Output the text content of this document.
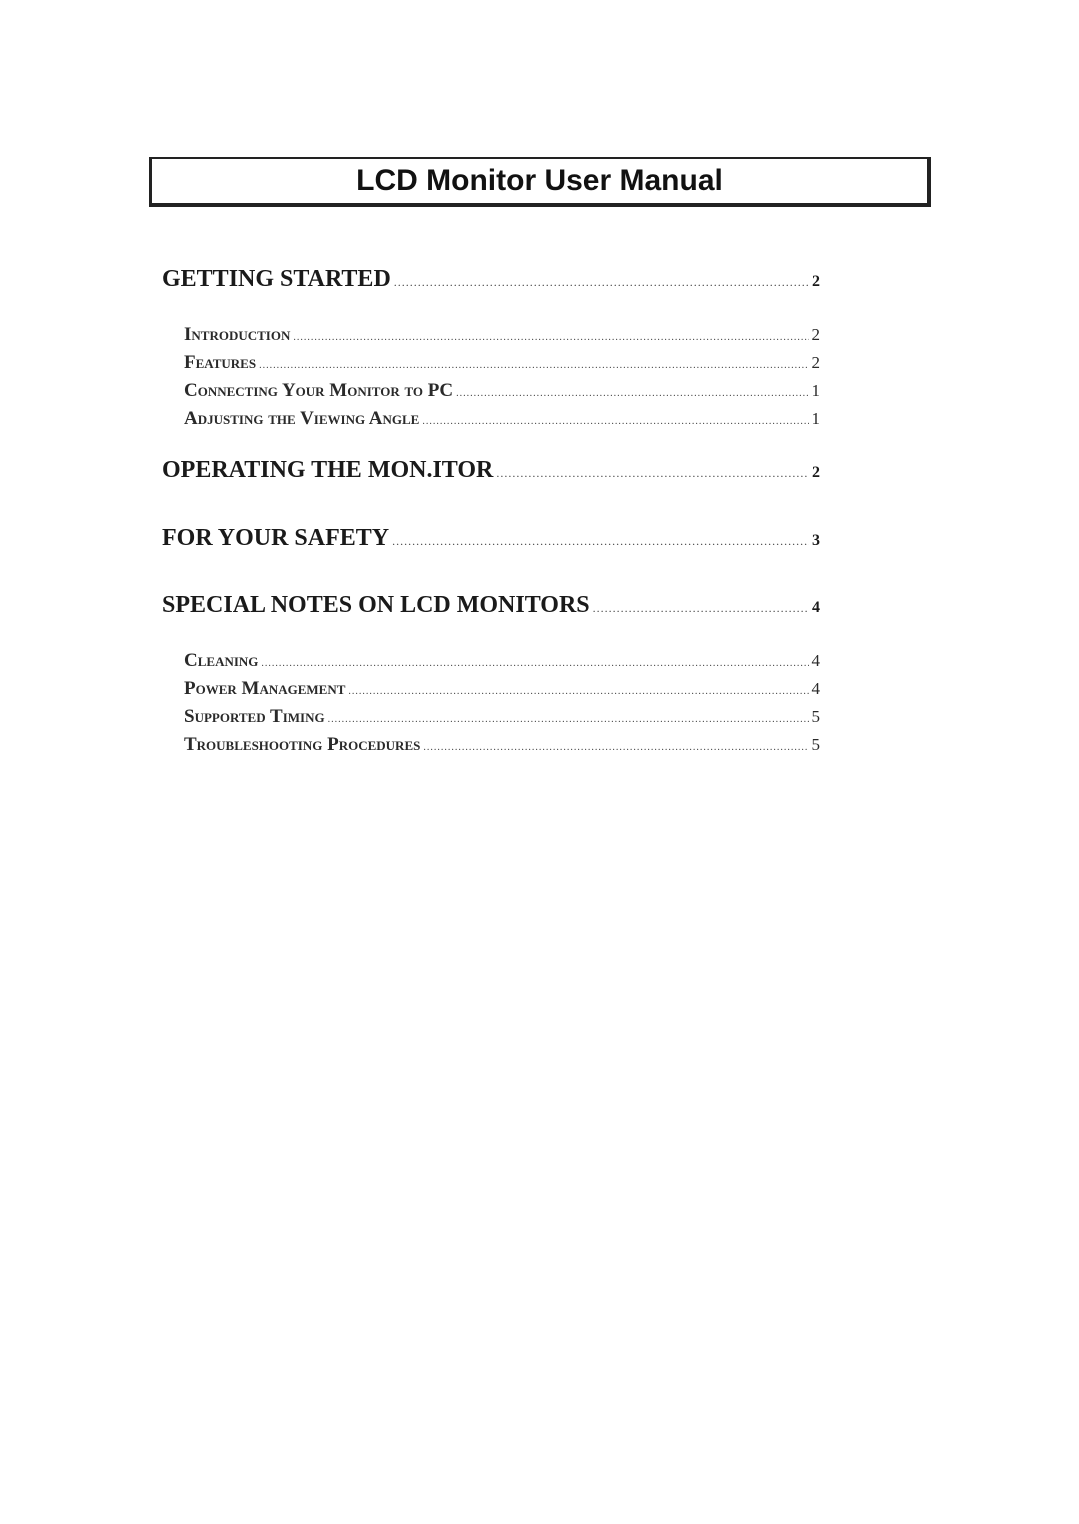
LCD Monitor User Manual
GETTING STARTED .....	2
Introduction .....	2
Features .....	2
Connecting Your Monitor to PC .....	1
Adjusting the Viewing Angle .....	1
OPERATING THE MON.ITOR .....	2
FOR YOUR SAFETY .....	3
SPECIAL NOTES ON LCD MONITORS .....	4
Cleaning .....	4
Power Management .....	4
Supported Timing .....	5
Troubleshooting Procedures .....	5
